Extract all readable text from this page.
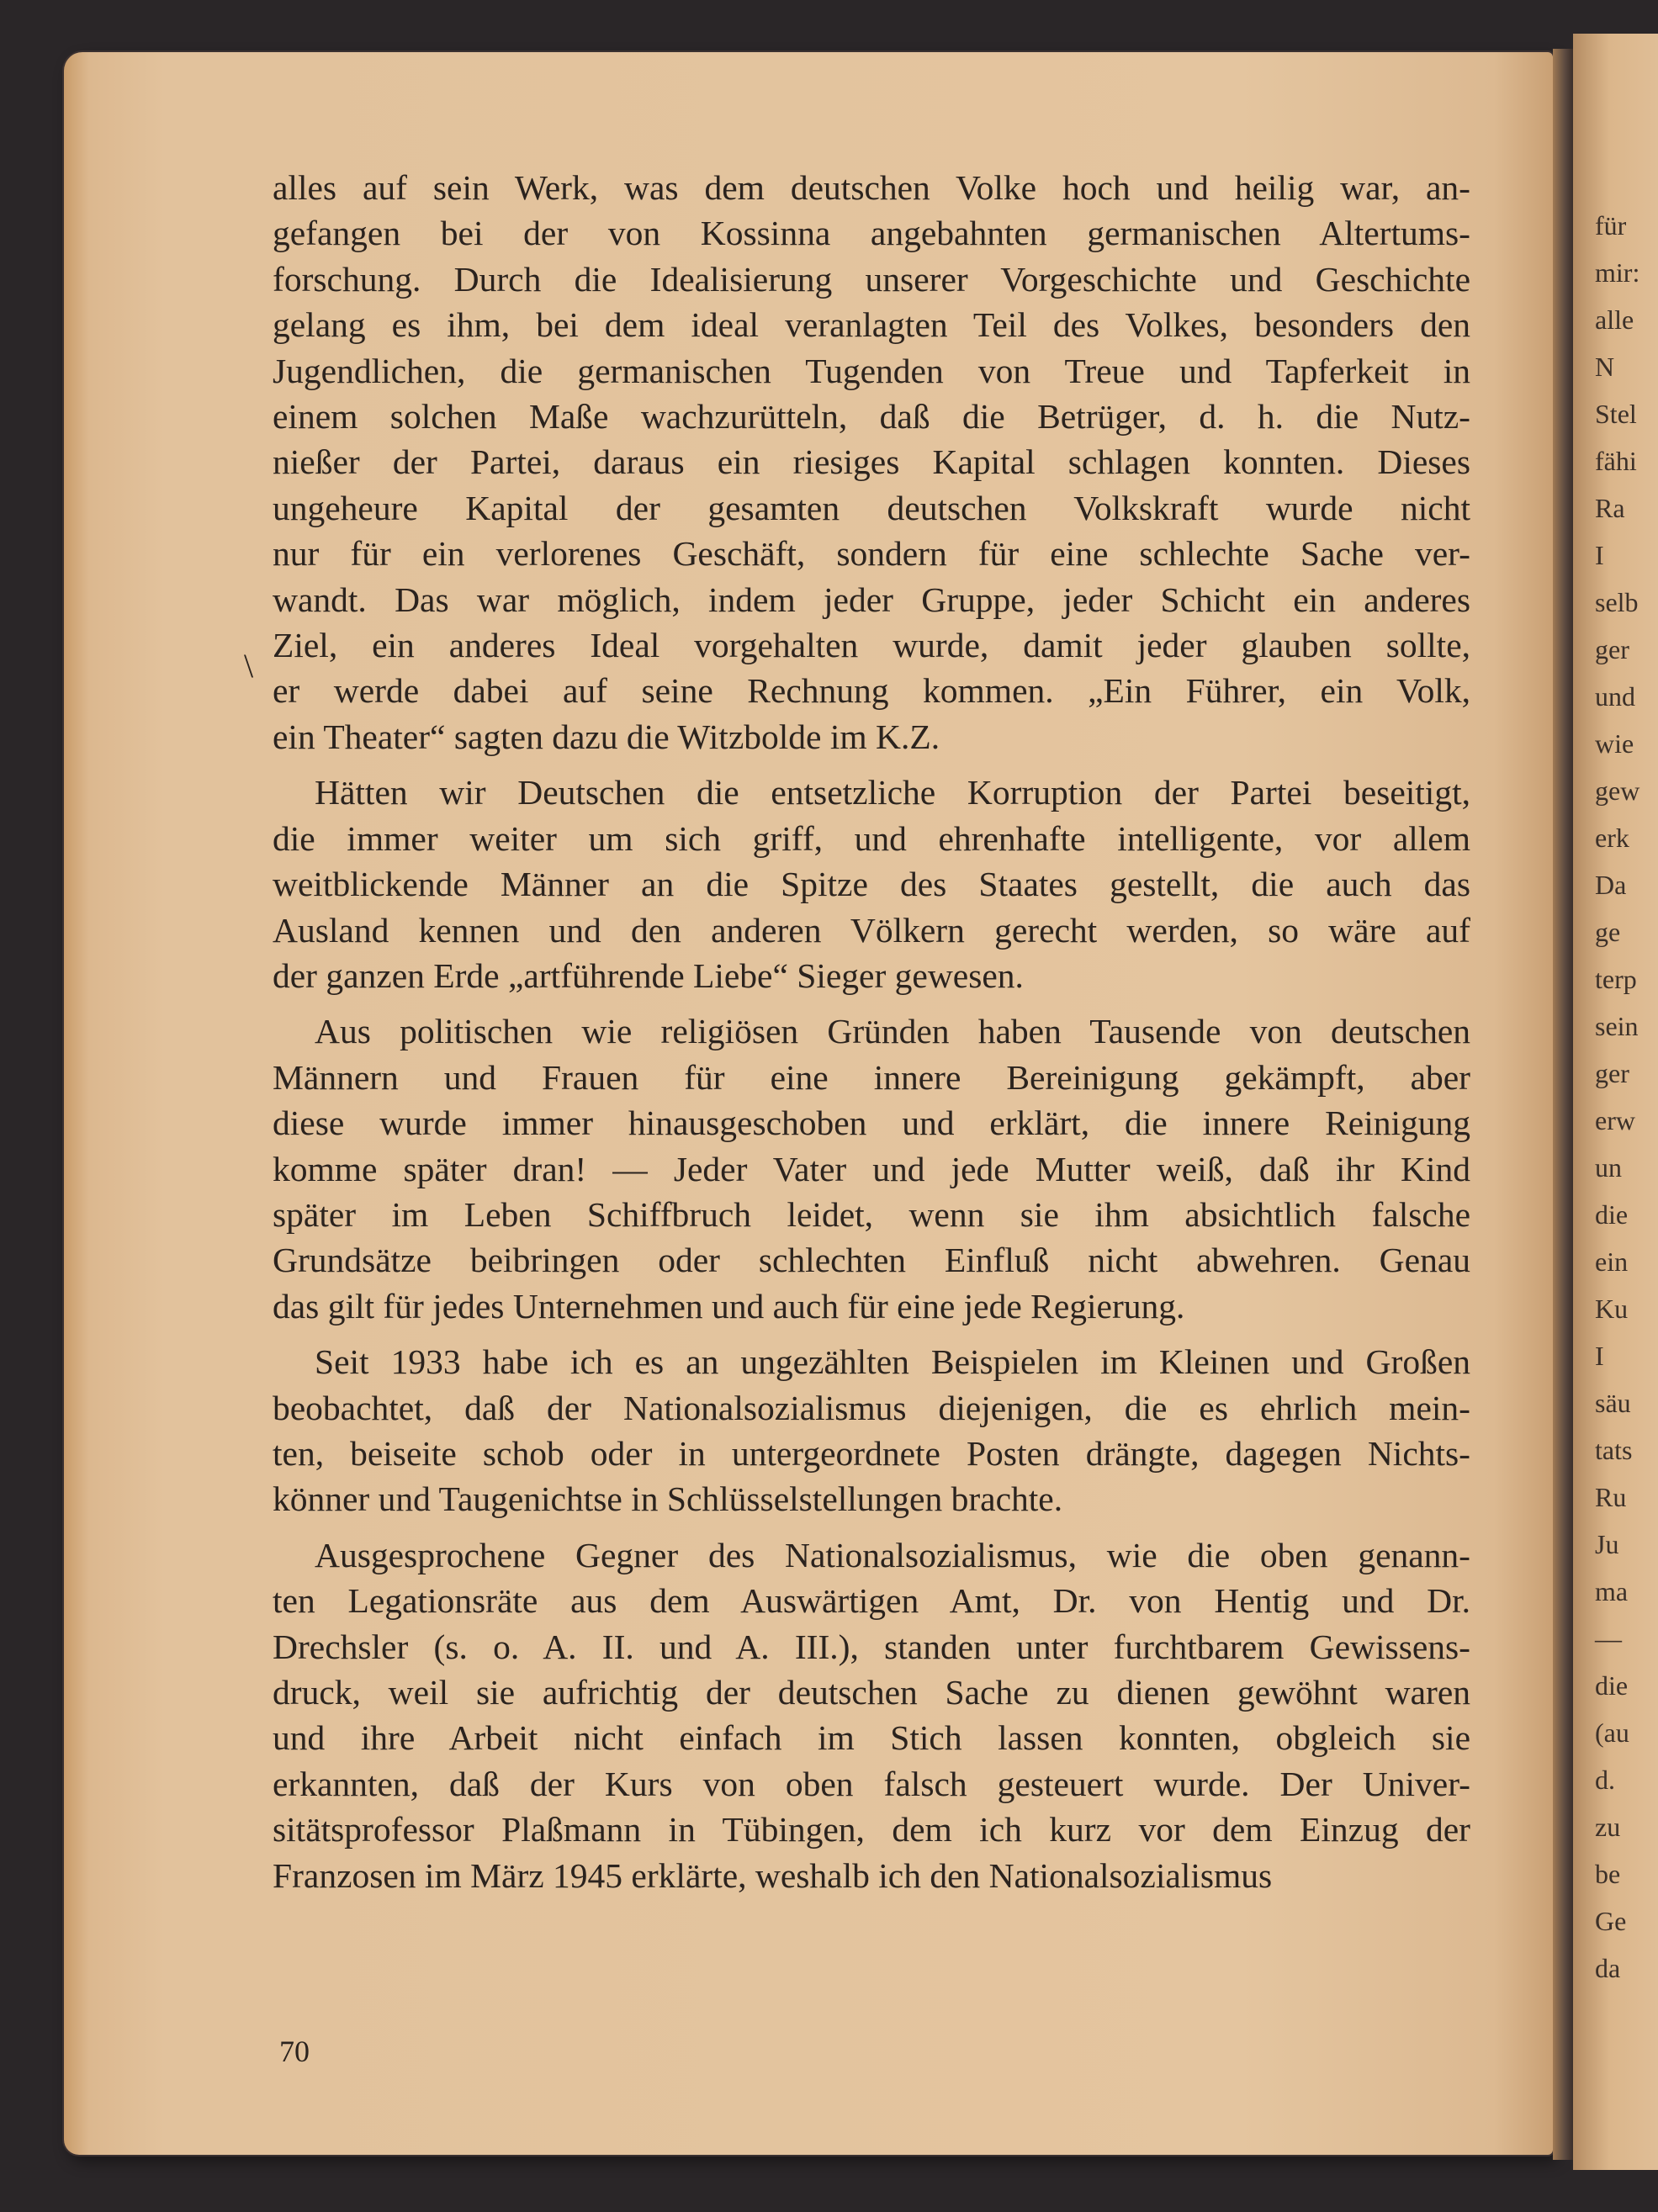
für
mir:
alle
N
Stel
fähi
Ra
I
selb
ger
und
wie
gew
erk
Da
ge
terp
sein
ger
erw
un
die
ein
Ku
I
säu
tats
Ru
Ju
ma
—
die
(au
d.
zu
be
Ge
da
\
alles auf sein Werk, was dem deutschen Volke hoch und heilig war, an-
gefangen bei der von Kossinna angebahnten germanischen Altertums-
forschung. Durch die Idealisierung unserer Vorgeschichte und Geschichte
gelang es ihm, bei dem ideal veranlagten Teil des Volkes, besonders den
Jugendlichen, die germanischen Tugenden von Treue und Tapferkeit in
einem solchen Maße wachzurütteln, daß die Betrüger, d. h. die Nutz-
nießer der Partei, daraus ein riesiges Kapital schlagen konnten. Dieses
ungeheure Kapital der gesamten deutschen Volkskraft wurde nicht
nur für ein verlorenes Geschäft, sondern für eine schlechte Sache ver-
wandt. Das war möglich, indem jeder Gruppe, jeder Schicht ein anderes
Ziel, ein anderes Ideal vorgehalten wurde, damit jeder glauben sollte,
er werde dabei auf seine Rechnung kommen. „Ein Führer, ein Volk,
ein Theater“ sagten dazu die Witzbolde im K.Z.
Hätten wir Deutschen die entsetzliche Korruption der Partei beseitigt,
die immer weiter um sich griff, und ehrenhafte intelligente, vor allem
weitblickende Männer an die Spitze des Staates gestellt, die auch das
Ausland kennen und den anderen Völkern gerecht werden, so wäre auf
der ganzen Erde „artführende Liebe“ Sieger gewesen.
Aus politischen wie religiösen Gründen haben Tausende von deutschen
Männern und Frauen für eine innere Bereinigung gekämpft, aber
diese wurde immer hinausgeschoben und erklärt, die innere Reinigung
komme später dran! — Jeder Vater und jede Mutter weiß, daß ihr Kind
später im Leben Schiffbruch leidet, wenn sie ihm absichtlich falsche
Grundsätze beibringen oder schlechten Einfluß nicht abwehren. Genau
das gilt für jedes Unternehmen und auch für eine jede Regierung.
Seit 1933 habe ich es an ungezählten Beispielen im Kleinen und Großen
beobachtet, daß der Nationalsozialismus diejenigen, die es ehrlich mein-
ten, beiseite schob oder in untergeordnete Posten drängte, dagegen Nichts-
könner und Taugenichtse in Schlüsselstellungen brachte.
Ausgesprochene Gegner des Nationalsozialismus, wie die oben genann-
ten Legationsräte aus dem Auswärtigen Amt, Dr. von Hentig und Dr.
Drechsler (s. o. A. II. und A. III.), standen unter furchtbarem Gewissens-
druck, weil sie aufrichtig der deutschen Sache zu dienen gewöhnt waren
und ihre Arbeit nicht einfach im Stich lassen konnten, obgleich sie
erkannten, daß der Kurs von oben falsch gesteuert wurde. Der Univer-
sitätsprofessor Plaßmann in Tübingen, dem ich kurz vor dem Einzug der
Franzosen im März 1945 erklärte, weshalb ich den Nationalsozialismus
70
